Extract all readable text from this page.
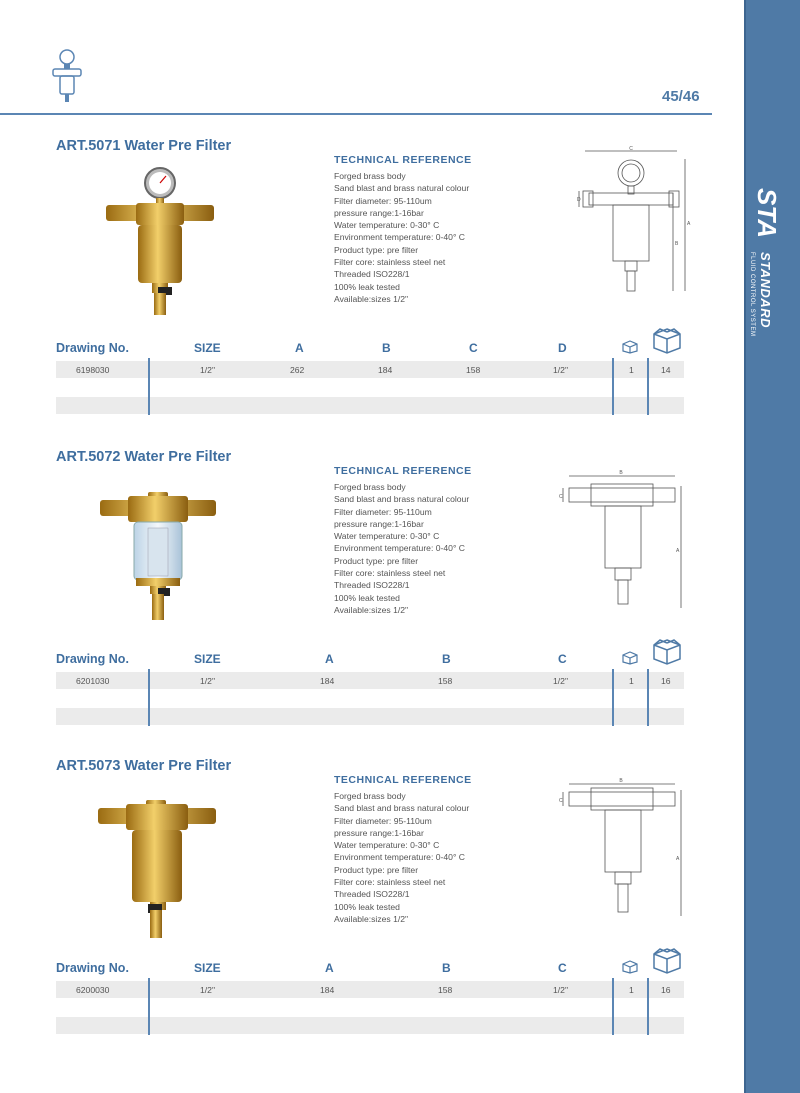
STA
STANDARD
FLUID CONTROL SYSTEM
45/46
ART.5071 Water Pre Filter
TECHNICAL REFERENCE
Forged brass body
Sand blast and brass natural colour
Filter diameter: 95-110um
pressure range:1-16bar
Water temperature: 0-30° C
Environment temperature: 0-40° C
Product type: pre filter
Filter core: stainless steel net
Threaded ISO228/1
100% leak tested
Available:sizes 1/2"
C
D
A
B
Drawing No.	SIZE	A	B	C	D
6198030	1/2"	262	184	158	1/2"	1	14
ART.5072 Water Pre Filter
TECHNICAL REFERENCE
Forged brass body
Sand blast and brass natural colour
Filter diameter: 95-110um
pressure range:1-16bar
Water temperature: 0-30° C
Environment temperature: 0-40° C
Product type: pre filter
Filter core: stainless steel net
Threaded ISO228/1
100% leak tested
Available:sizes 1/2"
B
C
A
Drawing No.	SIZE	A	B	C
6201030	1/2"	184	158	1/2"	1	16
ART.5073 Water Pre Filter
TECHNICAL REFERENCE
Forged brass body
Sand blast and brass natural colour
Filter diameter: 95-110um
pressure range:1-16bar
Water temperature: 0-30° C
Environment temperature: 0-40° C
Product type: pre filter
Filter core: stainless steel net
Threaded ISO228/1
100% leak tested
Available:sizes 1/2"
B
C
A
Drawing No.	SIZE	A	B	C
6200030	1/2"	184	158	1/2"	1	16
